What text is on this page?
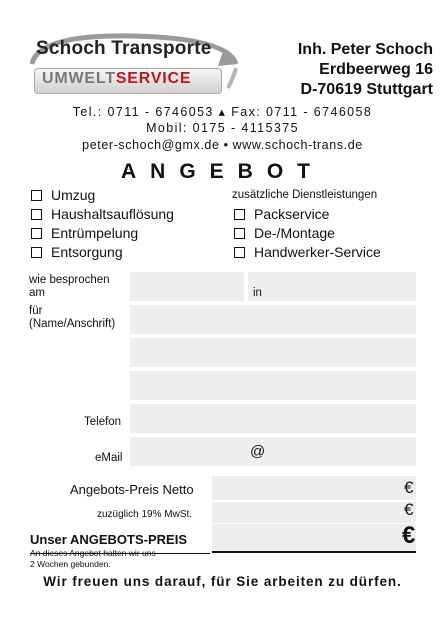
Schoch Transporte
UMWELTSERVICE
Inh. Peter Schoch
Erdbeerweg 16
D-70619 Stuttgart
Tel.: 0711 - 6746053 ▴ Fax: 0711 - 6746058
Mobil: 0175 - 4115375
peter-schoch@gmx.de • www.schoch-trans.de
ANGEBOT
Umzug
Haushaltsauflösung
Entrümpelung
Entsorgung
zusätzliche Dienstleistungen
Packservice
De-/Montage
Handwerker-Service
wie besprochen
am	in
für
(Name/Anschrift)
Telefon
eMail	@
Angebots-Preis Netto	€
zuzüglich 19% MwSt.	€
Unser ANGEBOTS-PREIS	€
An dieses Angebot halten wir uns
2 Wochen gebunden.
Wir freuen uns darauf, für Sie arbeiten zu dürfen.
